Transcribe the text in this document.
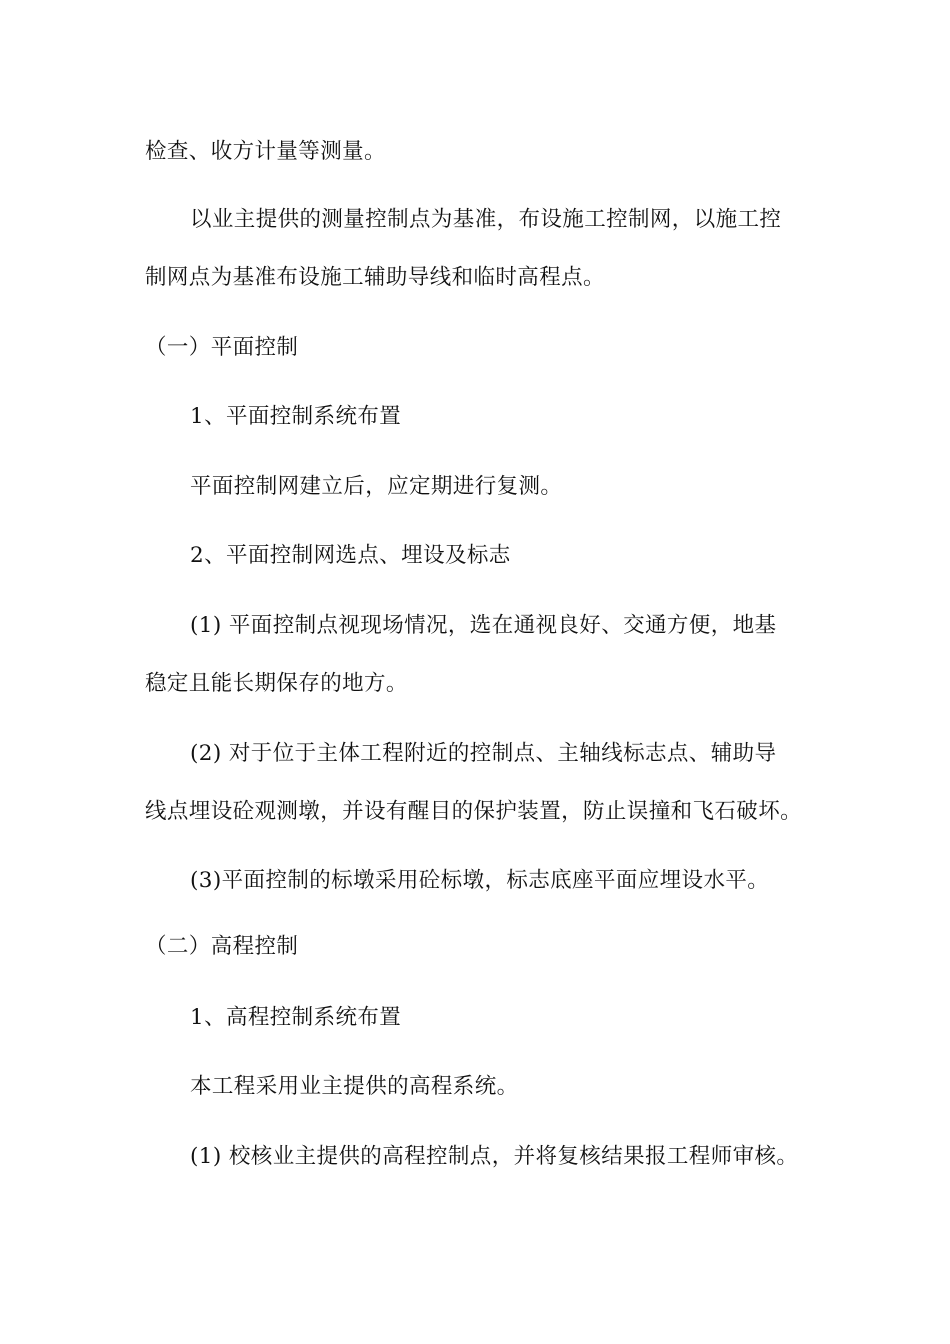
检查、收方计量等测量。

以业主提供的测量控制点为基准，布设施工控制网，以施工控

制网点为基准布设施工辅助导线和临时高程点。

（一）平面控制

1、平面控制系统布置

平面控制网建立后，应定期进行复测。

2、平面控制网选点、埋设及标志

(1) 平面控制点视现场情况，选在通视良好、交通方便，地基

稳定且能长期保存的地方。

(2) 对于位于主体工程附近的控制点、主轴线标志点、辅助导

线点埋设砼观测墩，并设有醒目的保护装置，防止误撞和飞石破坏。

(3)平面控制的标墩采用砼标墩，标志底座平面应埋设水平。

（二）高程控制

1、高程控制系统布置

本工程采用业主提供的高程系统。

(1) 校核业主提供的高程控制点，并将复核结果报工程师审核。
